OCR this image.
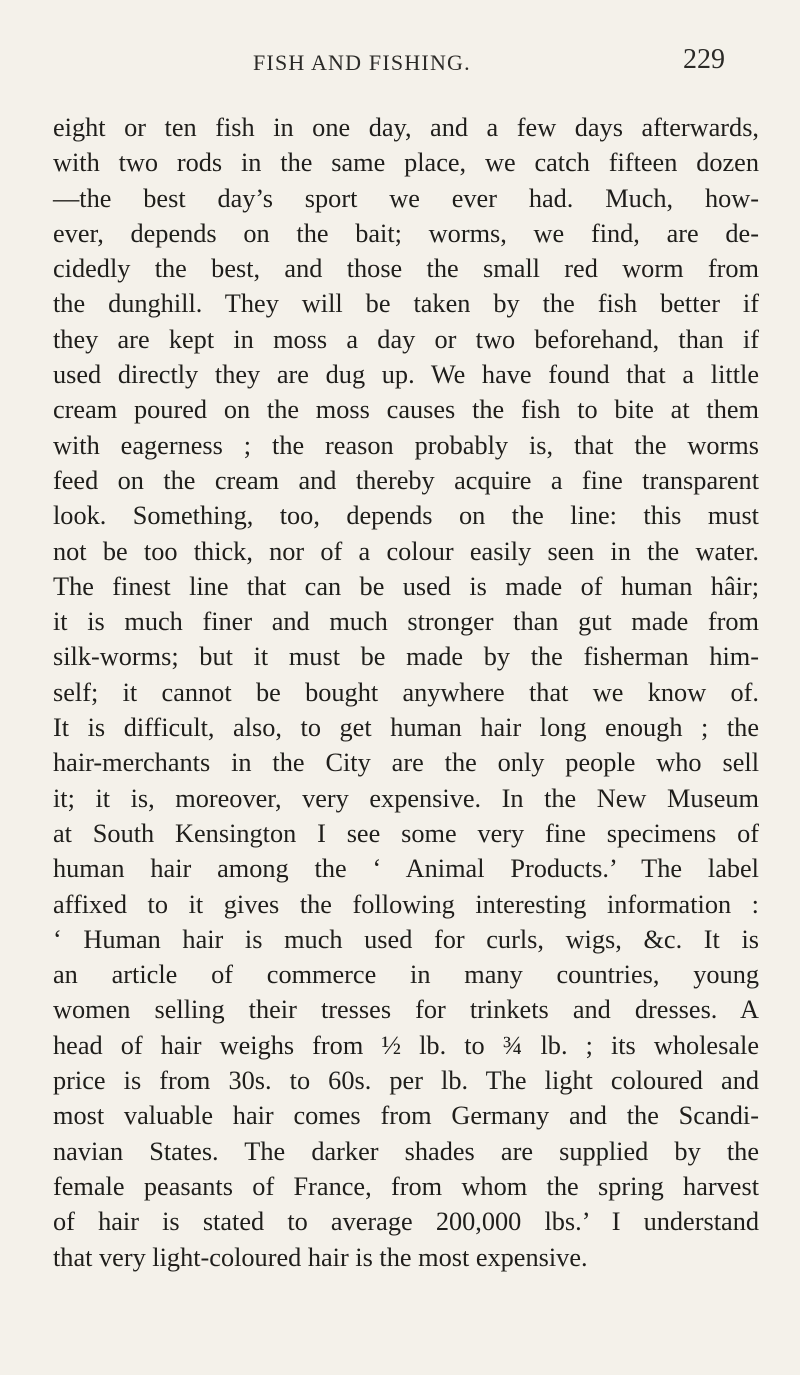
FISH AND FISHING.	229
eight or ten fish in one day, and a few days afterwards,
with two rods in the same place, we catch fifteen dozen
—the best day’s sport we ever had. Much, how-
ever, depends on the bait; worms, we find, are de-
cidedly the best, and those the small red worm from
the dunghill. They will be taken by the fish better if
they are kept in moss a day or two beforehand, than if
used directly they are dug up. We have found that a little
cream poured on the moss causes the fish to bite at them
with eagerness ; the reason probably is, that the worms
feed on the cream and thereby acquire a fine transparent
look. Something, too, depends on the line: this must
not be too thick, nor of a colour easily seen in the water.
The finest line that can be used is made of human hâir;
it is much finer and much stronger than gut made from
silk-worms; but it must be made by the fisherman him-
self; it cannot be bought anywhere that we know of.
It is difficult, also, to get human hair long enough ; the
hair-merchants in the City are the only people who sell
it; it is, moreover, very expensive. In the New Museum
at South Kensington I see some very fine specimens of
human hair among the ‘ Animal Products.’ The label
affixed to it gives the following interesting information :
‘ Human hair is much used for curls, wigs, &c. It is
an article of commerce in many countries, young
women selling their tresses for trinkets and dresses. A
head of hair weighs from ½ lb. to ¾ lb. ; its wholesale
price is from 30s. to 60s. per lb. The light coloured and
most valuable hair comes from Germany and the Scandi-
navian States. The darker shades are supplied by the
female peasants of France, from whom the spring harvest
of hair is stated to average 200,000 lbs.’ I understand
that very light-coloured hair is the most expensive.
